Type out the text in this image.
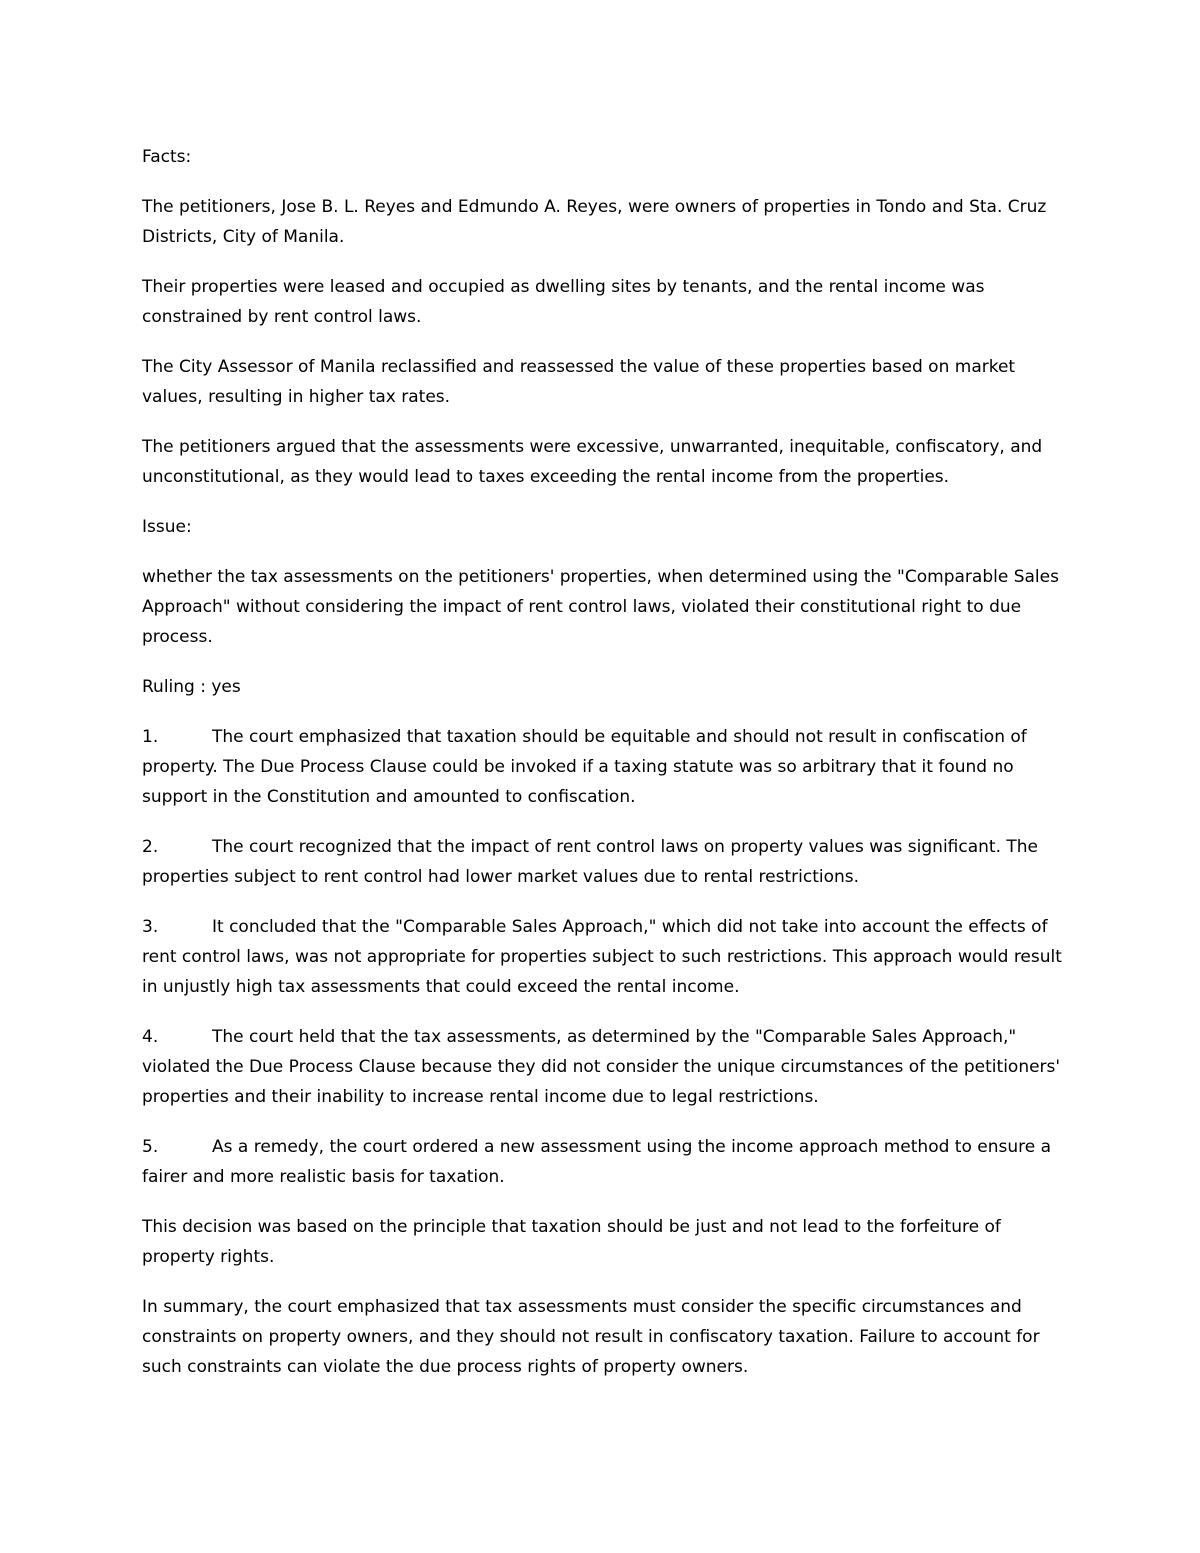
Facts:

The petitioners, Jose B. L. Reyes and Edmundo A. Reyes, were owners of properties in Tondo and Sta. Cruz Districts, City of Manila.

Their properties were leased and occupied as dwelling sites by tenants, and the rental income was constrained by rent control laws.

The City Assessor of Manila reclassified and reassessed the value of these properties based on market values, resulting in higher tax rates.

The petitioners argued that the assessments were excessive, unwarranted, inequitable, confiscatory, and unconstitutional, as they would lead to taxes exceeding the rental income from the properties.

Issue:

whether the tax assessments on the petitioners' properties, when determined using the "Comparable Sales Approach" without considering the impact of rent control laws, violated their constitutional right to due process.

Ruling : yes

1.	The court emphasized that taxation should be equitable and should not result in confiscation of property. The Due Process Clause could be invoked if a taxing statute was so arbitrary that it found no support in the Constitution and amounted to confiscation.
2.	The court recognized that the impact of rent control laws on property values was significant. The properties subject to rent control had lower market values due to rental restrictions.
3.	It concluded that the "Comparable Sales Approach," which did not take into account the effects of rent control laws, was not appropriate for properties subject to such restrictions. This approach would result in unjustly high tax assessments that could exceed the rental income.
4.	The court held that the tax assessments, as determined by the "Comparable Sales Approach," violated the Due Process Clause because they did not consider the unique circumstances of the petitioners' properties and their inability to increase rental income due to legal restrictions.
5.	As a remedy, the court ordered a new assessment using the income approach method to ensure a fairer and more realistic basis for taxation.

This decision was based on the principle that taxation should be just and not lead to the forfeiture of property rights.

In summary, the court emphasized that tax assessments must consider the specific circumstances and constraints on property owners, and they should not result in confiscatory taxation. Failure to account for such constraints can violate the due process rights of property owners.
